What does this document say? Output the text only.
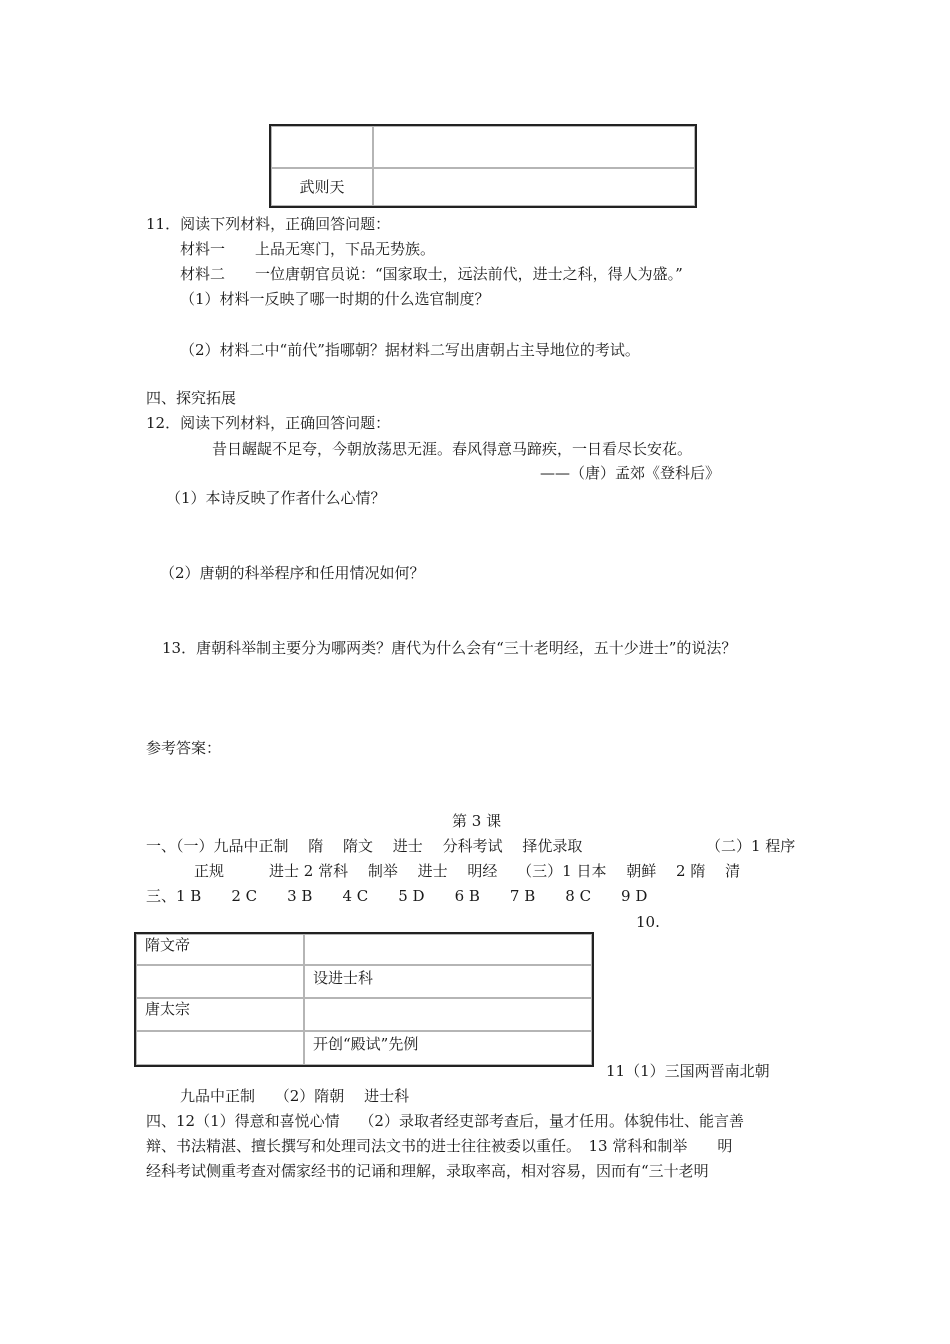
武则天	
11．阅读下列材料，正确回答问题：
材料一　　上品无寒门，下品无势族。
材料二　　一位唐朝官员说：“国家取士，远法前代，进士之科，得人为盛。”
（1）材料一反映了哪一时期的什么选官制度？
（2）材料二中“前代”指哪朝？据材料二写出唐朝占主导地位的考试。
四、探究拓展
12．阅读下列材料，正确回答问题：
昔日龌龊不足夸，今朝放荡思无涯。春风得意马蹄疾，一日看尽长安花。
——（唐）孟郊《登科后》
（1）本诗反映了作者什么心情？
（2）唐朝的科举程序和任用情况如何？
13．唐朝科举制主要分为哪两类？唐代为什么会有“三十老明经，五十少进士”的说法？
参考答案：
第 3 课
一、（一）九品中正制　 隋 　隋文 　进士 　分科考试 　择优录取	（二）1 程序
正规　　　进士 2 常科　 制举 　进士 　明经　 （三）1 日本 　朝鲜 　2 隋　 清
三、1 B　　2 C　　3 B　　4 C　　5 D　　6 B　　7 B　　8 C　　9 D
10.
隋文帝	
	设进士科
唐太宗	
	开创“殿试”先例
11（1）三国两晋南北朝
九品中正制　 （2）隋朝　 进士科
四、12（1）得意和喜悦心情　 （2）录取者经吏部考查后，量才任用。体貌伟壮、能言善
辩、书法精湛、擅长撰写和处理司法文书的进士往往被委以重任。　13 常科和制举　　明
经科考试侧重考查对儒家经书的记诵和理解，录取率高，相对容易，因而有“三十老明
